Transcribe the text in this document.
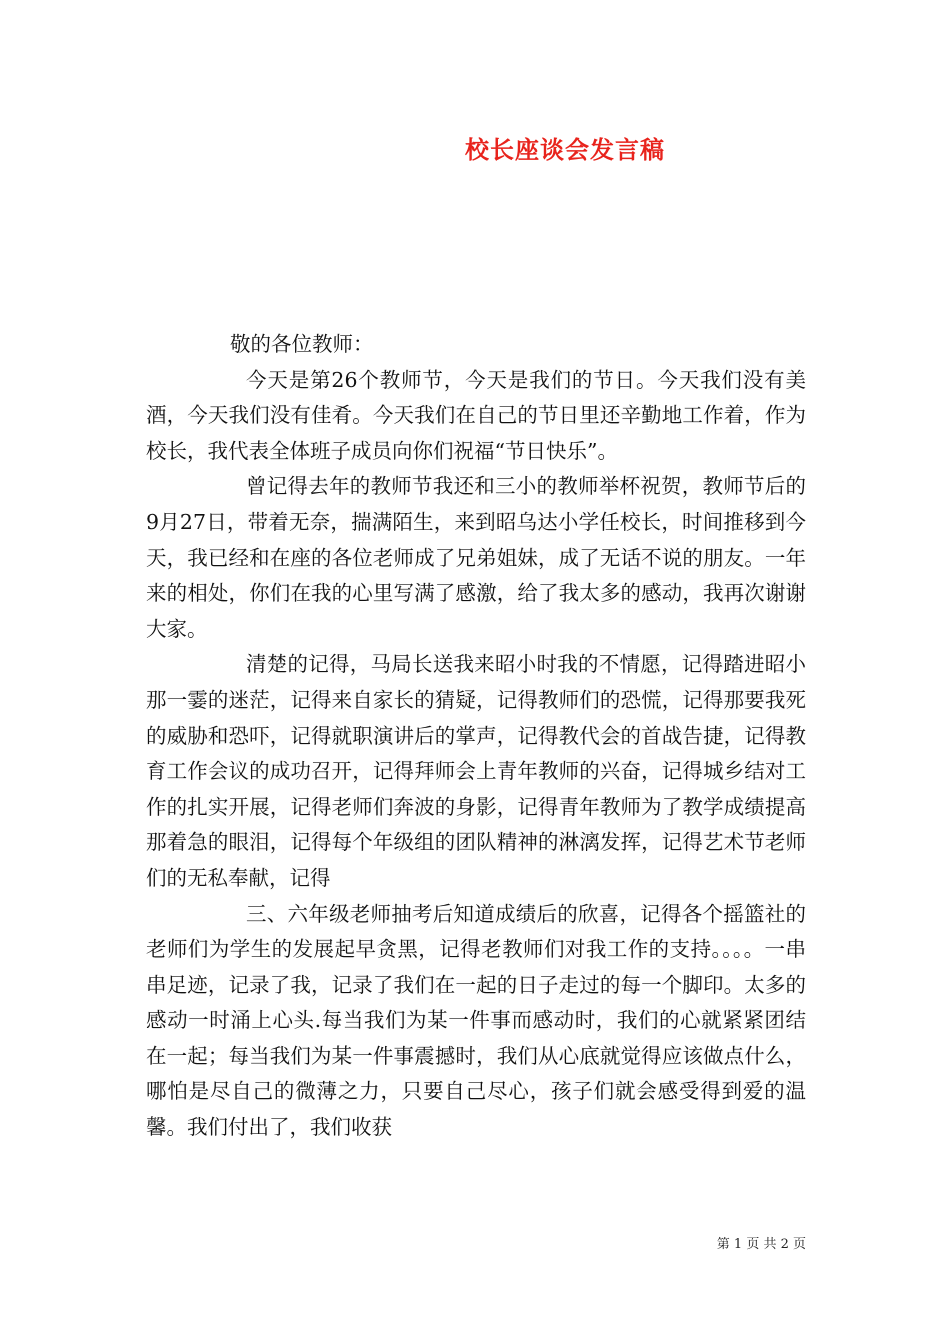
校长座谈会发言稿

敬的各位教师：

今天是第26个教师节，今天是我们的节日。今天我们没有美酒，今天我们没有佳肴。今天我们在自己的节日里还辛勤地工作着，作为校长，我代表全体班子成员向你们祝福“节日快乐”。

曾记得去年的教师节我还和三小的教师举杯祝贺，教师节后的9月27日，带着无奈，揣满陌生，来到昭乌达小学任校长，时间推移到今天，我已经和在座的各位老师成了兄弟姐妹，成了无话不说的朋友。一年来的相处，你们在我的心里写满了感激，给了我太多的感动，我再次谢谢大家。

清楚的记得，马局长送我来昭小时我的不情愿，记得踏进昭小那一霎的迷茫，记得来自家长的猜疑，记得教师们的恐慌，记得那要我死的威胁和恐吓，记得就职演讲后的掌声，记得教代会的首战告捷，记得教育工作会议的成功召开，记得拜师会上青年教师的兴奋，记得城乡结对工作的扎实开展，记得老师们奔波的身影，记得青年教师为了教学成绩提高那着急的眼泪，记得每个年级组的团队精神的淋漓发挥，记得艺术节老师们的无私奉献，记得

三、六年级老师抽考后知道成绩后的欣喜，记得各个摇篮社的老师们为学生的发展起早贪黑，记得老教师们对我工作的支持。。。。一串串足迹，记录了我，记录了我们在一起的日子走过的每一个脚印。太多的感动一时涌上心头.每当我们为某一件事而感动时，我们的心就紧紧团结在一起；每当我们为某一件事震撼时，我们从心底就觉得应该做点什么，哪怕是尽自己的微薄之力，只要自己尽心，孩子们就会感受得到爱的温馨。我们付出了，我们收获

第 1 页 共 2 页
